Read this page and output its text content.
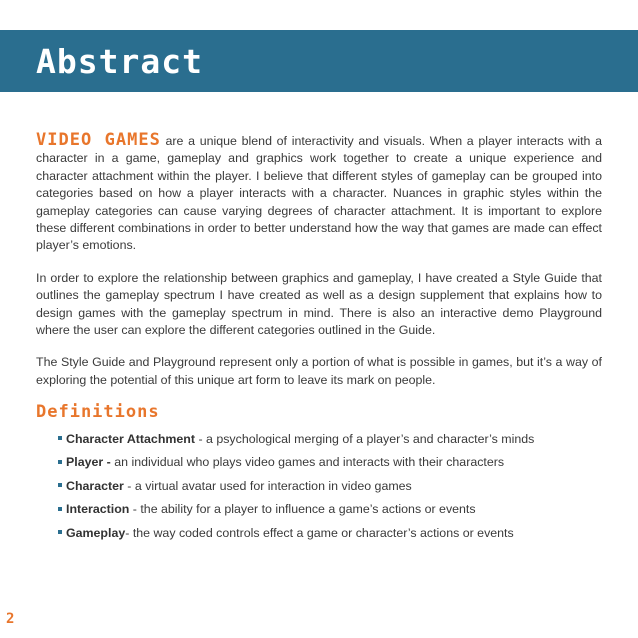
Abstract

VIDEO GAMES are a unique blend of interactivity and visuals. When a player interacts with a character in a game, gameplay and graphics work together to create a unique experience and character attachment within the player. I believe that different styles of gameplay can be grouped into categories based on how a player interacts with a character. Nuances in graphic styles within the gameplay categories can cause varying degrees of character attachment. It is important to explore these different combinations in order to better understand how the way that games are made can effect player’s emotions.

In order to explore the relationship between graphics and gameplay, I have created a Style Guide that outlines the gameplay spectrum I have created as well as a design supplement that explains how to design games with the gameplay spectrum in mind. There is also an interactive demo Playground where the user can explore the different categories outlined in the Guide.

The Style Guide and Playground represent only a portion of what is possible in games, but it’s a way of exploring the potential of this unique art form to leave its mark on people.

Definitions
Character Attachment - a psychological merging of a player’s and character’s minds
Player - an individual who plays video games and interacts with their characters
Character - a virtual avatar used for interaction in video games
Interaction - the ability for a player to influence a game’s actions or events
Gameplay- the way coded controls effect a game or character’s actions or events
2
